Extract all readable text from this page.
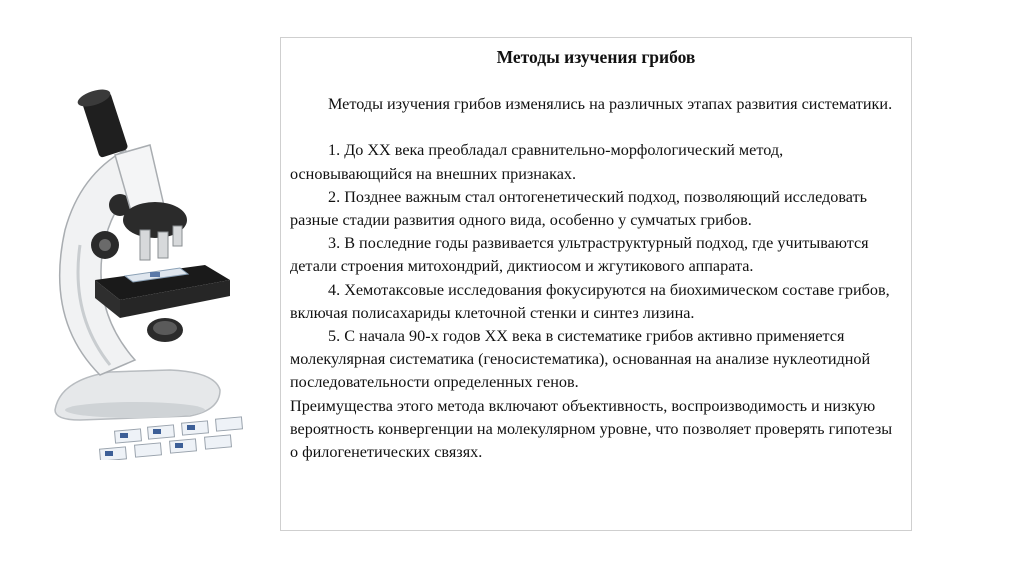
Методы изучения грибов

Методы изучения грибов изменялись на различных этапах развития систематики.

1. До XX века преобладал сравнительно-морфологический метод, основывающийся на внешних признаках.

2. Позднее важным стал онтогенетический подход, позволяющий исследовать разные стадии развития одного вида, особенно у сумчатых грибов.

3. В последние годы развивается ультраструктурный подход, где учитываются детали строения митохондрий, диктиосом и жгутикового аппарата.

4. Хемотаксовые исследования фокусируются на биохимическом составе грибов, включая полисахариды клеточной стенки и синтез лизина.

5. С начала 90-х годов XX века в систематике грибов активно применяется молекулярная систематика (геносистематика), основанная на анализе нуклеотидной последовательности определенных генов.

Преимущества этого метода включают объективность, воспроизводимость и низкую вероятность конвергенции на молекулярном уровне, что позволяет проверять гипотезы о филогенетических связях.
